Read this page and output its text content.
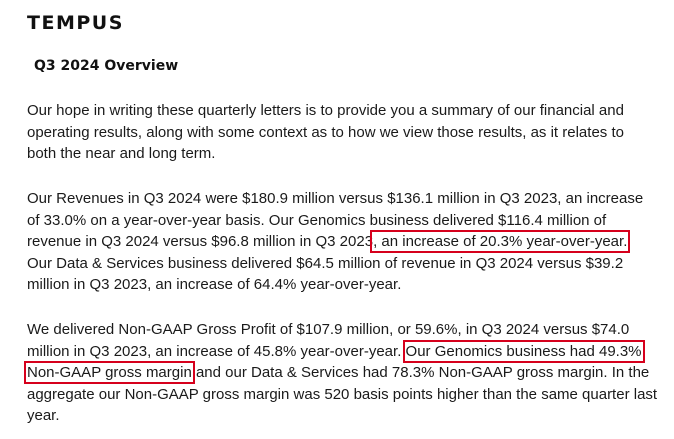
TEMPUS
Q3 2024 Overview
Our hope in writing these quarterly letters is to provide you a summary of our financial and
operating results, along with some context as to how we view those results, as it relates to
both the near and long term.
Our Revenues in Q3 2024 were $180.9 million versus $136.1 million in Q3 2023, an increase
of 33.0% on a year-over-year basis. Our Genomics business delivered $116.4 million of
revenue in Q3 2024 versus $96.8 million in Q3 2023, an increase of 20.3% year-over-year.
Our Data & Services business delivered $64.5 million of revenue in Q3 2024 versus $39.2
million in Q3 2023, an increase of 64.4% year-over-year.
We delivered Non-GAAP Gross Profit of $107.9 million, or 59.6%, in Q3 2024 versus $74.0
million in Q3 2023, an increase of 45.8% year-over-year. Our Genomics business had 49.3%
Non-GAAP gross margin and our Data & Services had 78.3% Non-GAAP gross margin. In the
aggregate our Non-GAAP gross margin was 520 basis points higher than the same quarter last
year.
